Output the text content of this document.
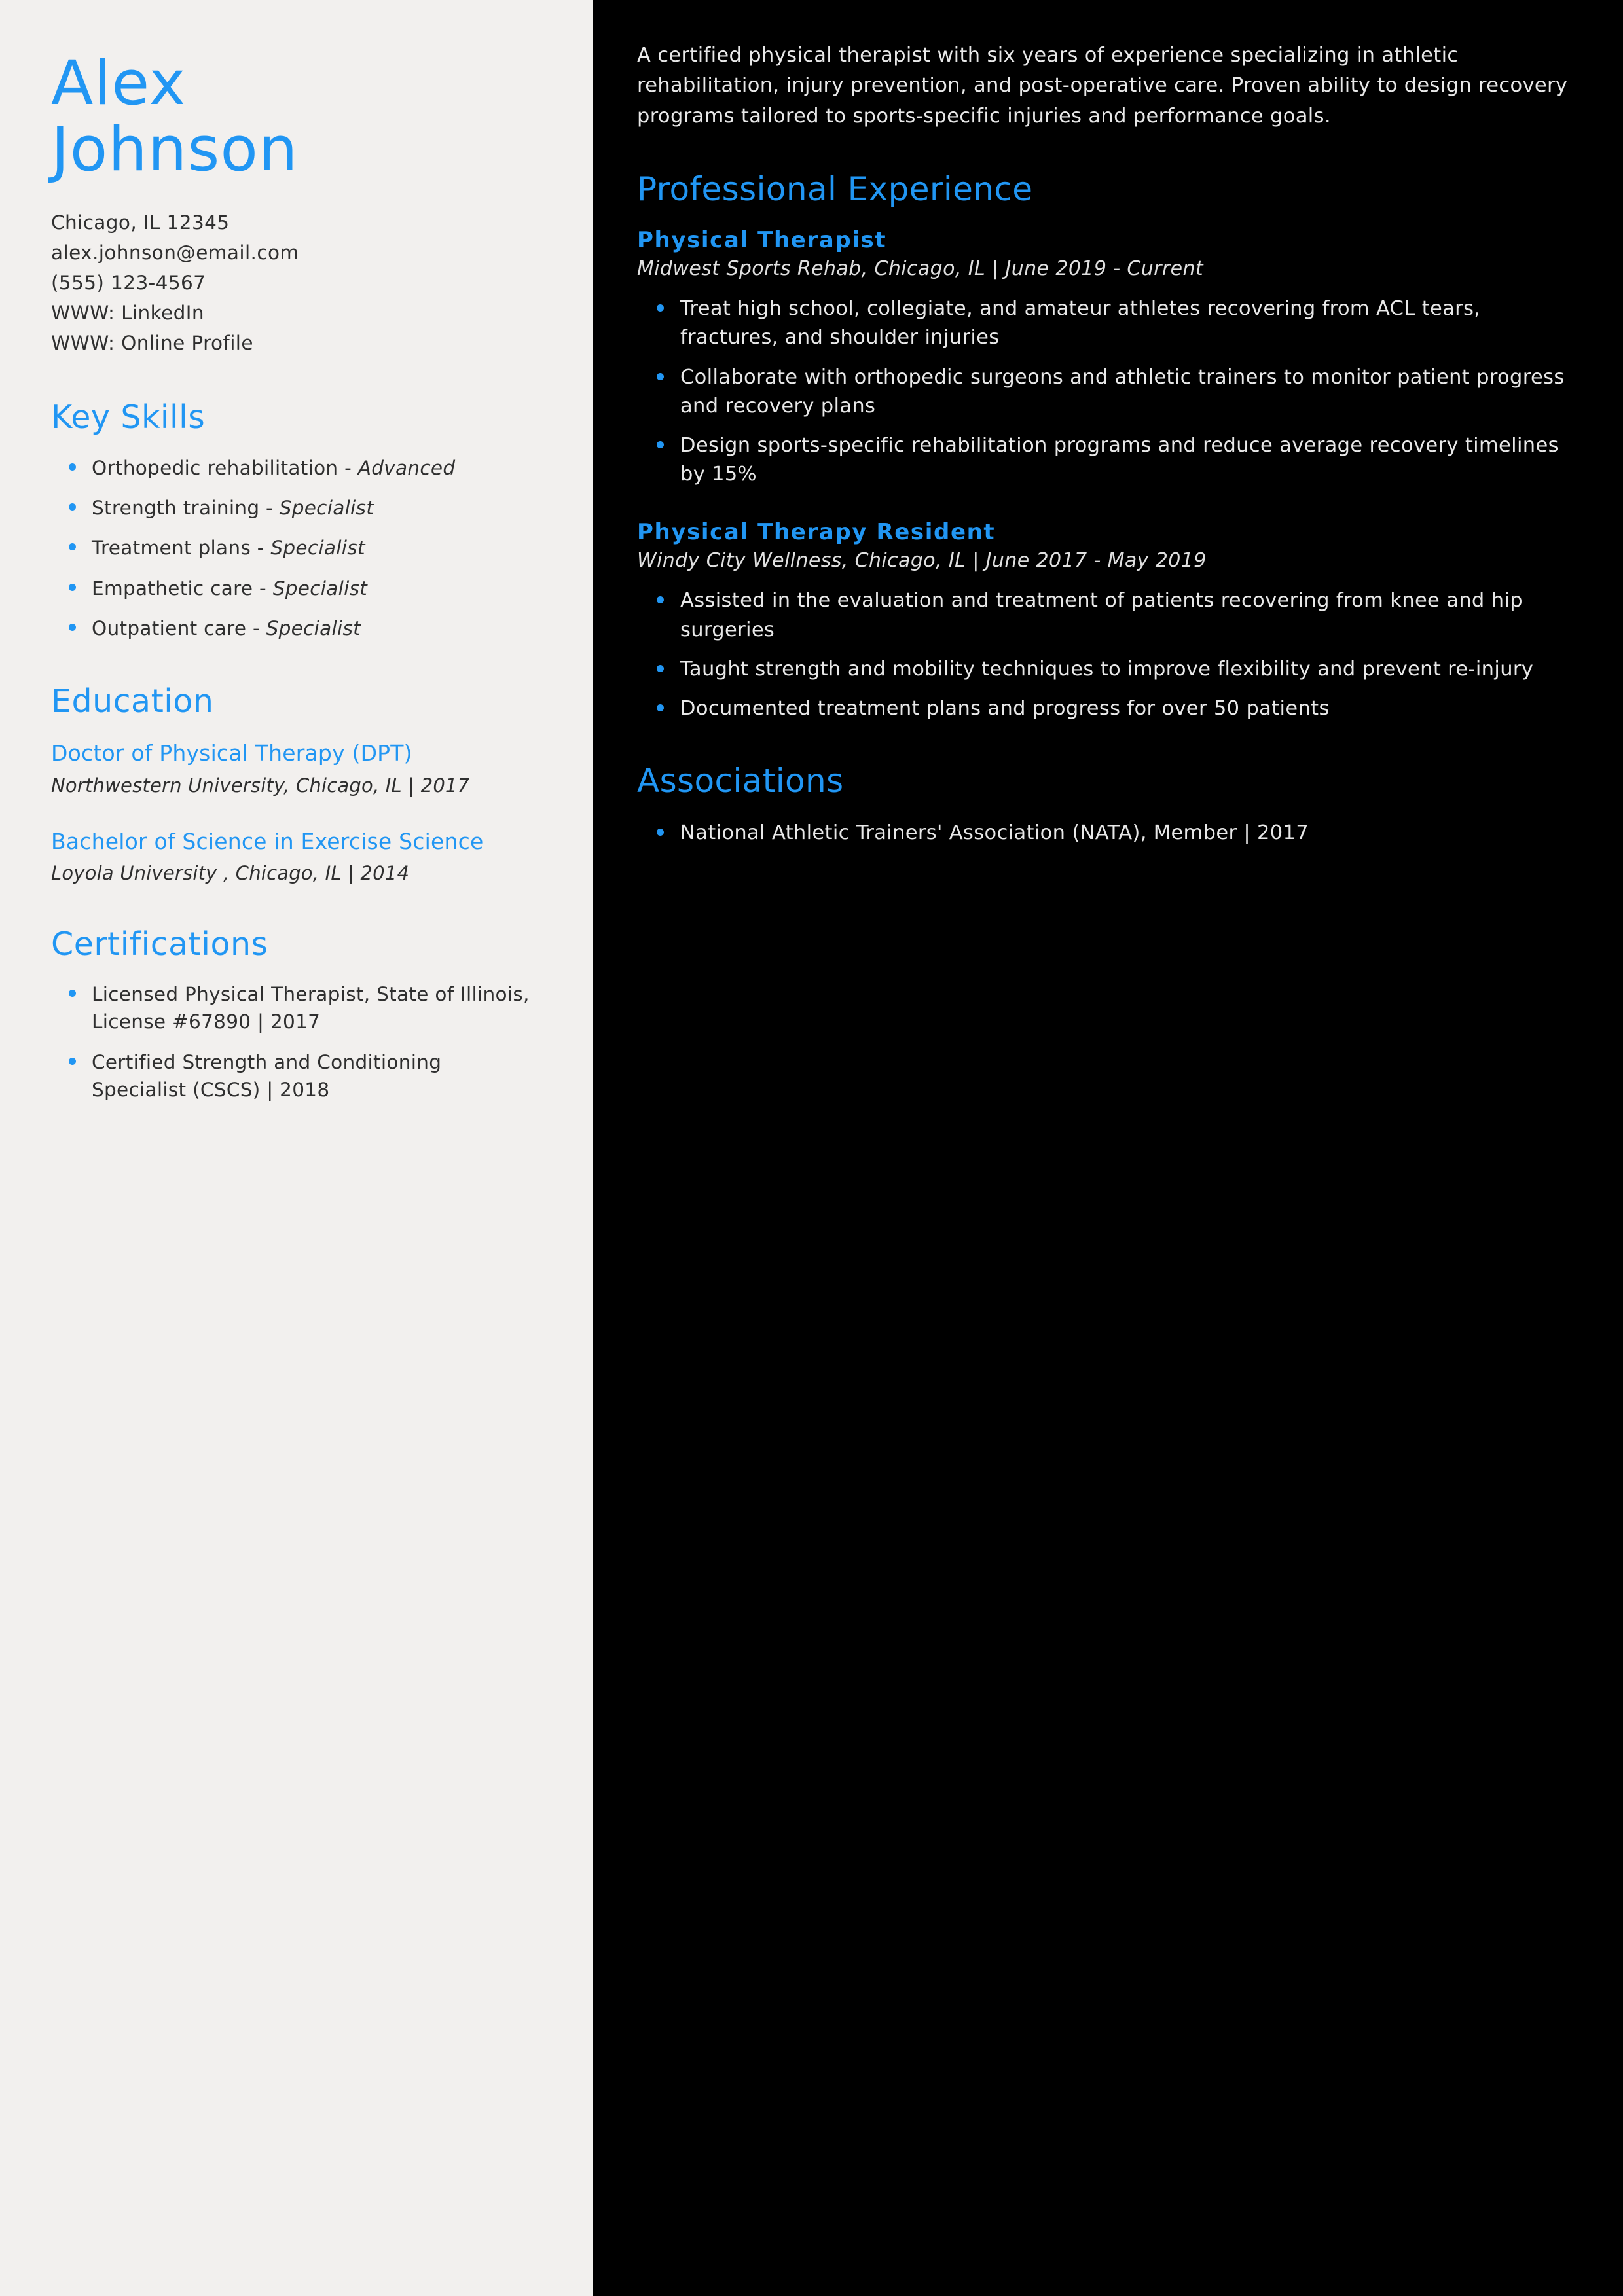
Alex
Johnson
Chicago, IL 12345
alex.johnson@email.com
(555) 123-4567
WWW: LinkedIn
WWW: Online Profile
Key Skills
Orthopedic rehabilitation - Advanced
Strength training - Specialist
Treatment plans - Specialist
Empathetic care - Specialist
Outpatient care - Specialist
Education
Doctor of Physical Therapy (DPT)
Northwestern University, Chicago, IL | 2017
Bachelor of Science in Exercise Science
Loyola University , Chicago, IL | 2014
Certifications
Licensed Physical Therapist, State of Illinois, License #67890 | 2017
Certified Strength and Conditioning Specialist (CSCS) | 2018

A certified physical therapist with six years of experience specializing in athletic rehabilitation, injury prevention, and post-operative care. Proven ability to design recovery programs tailored to sports-specific injuries and performance goals.

Professional Experience
Physical Therapist
Midwest Sports Rehab, Chicago, IL | June 2019 - Current
Treat high school, collegiate, and amateur athletes recovering from ACL tears, fractures, and shoulder injuries
Collaborate with orthopedic surgeons and athletic trainers to monitor patient progress and recovery plans
Design sports-specific rehabilitation programs and reduce average recovery timelines by 15%
Physical Therapy Resident
Windy City Wellness, Chicago, IL | June 2017 - May 2019
Assisted in the evaluation and treatment of patients recovering from knee and hip surgeries
Taught strength and mobility techniques to improve flexibility and prevent re-injury
Documented treatment plans and progress for over 50 patients
Associations
National Athletic Trainers' Association (NATA), Member | 2017
